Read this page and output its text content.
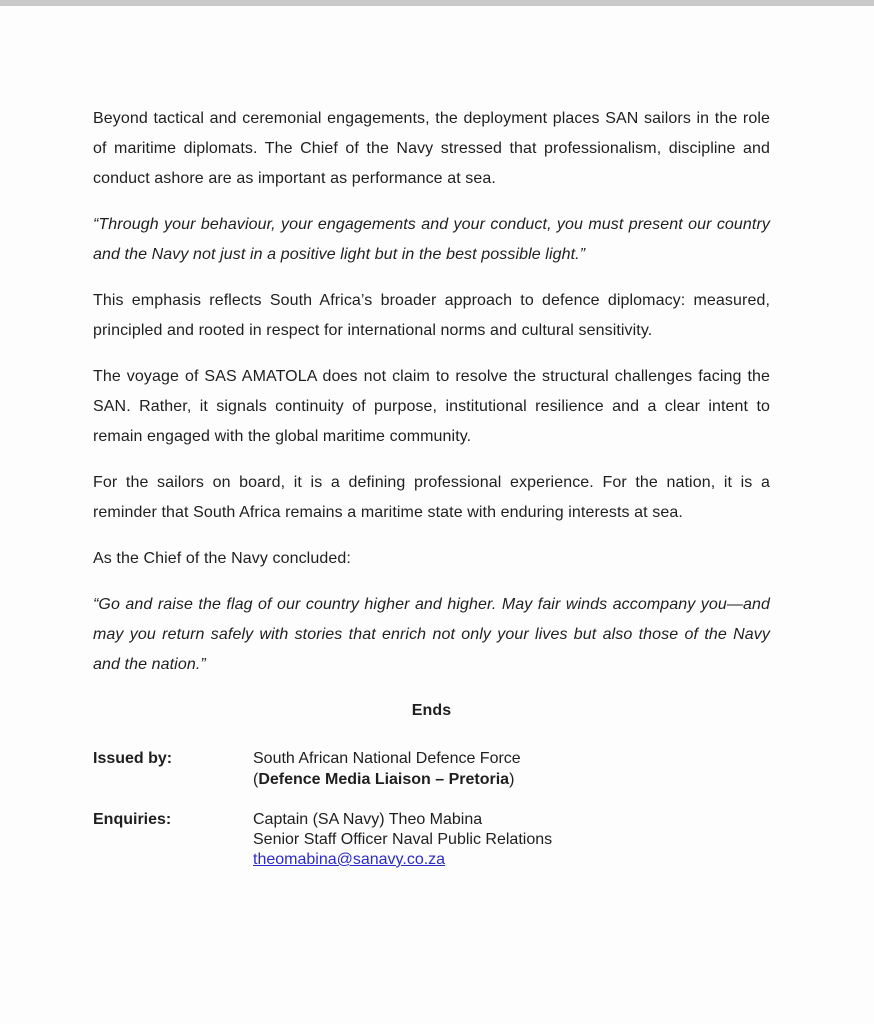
Beyond tactical and ceremonial engagements, the deployment places SAN sailors in the role of maritime diplomats. The Chief of the Navy stressed that professionalism, discipline and conduct ashore are as important as performance at sea.

“Through your behaviour, your engagements and your conduct, you must present our country and the Navy not just in a positive light but in the best possible light.”

This emphasis reflects South Africa’s broader approach to defence diplomacy: measured, principled and rooted in respect for international norms and cultural sensitivity.

The voyage of SAS AMATOLA does not claim to resolve the structural challenges facing the SAN. Rather, it signals continuity of purpose, institutional resilience and a clear intent to remain engaged with the global maritime community.

For the sailors on board, it is a defining professional experience. For the nation, it is a reminder that South Africa remains a maritime state with enduring interests at sea.

As the Chief of the Navy concluded:

“Go and raise the flag of our country higher and higher. May fair winds accompany you—and may you return safely with stories that enrich not only your lives but also those of the Navy and the nation.”

Ends

Issued by:	South African National Defence Force
(Defence Media Liaison – Pretoria)
Enquiries:	Captain (SA Navy) Theo Mabina
Senior Staff Officer Naval Public Relations
theomabina@sanavy.co.za
